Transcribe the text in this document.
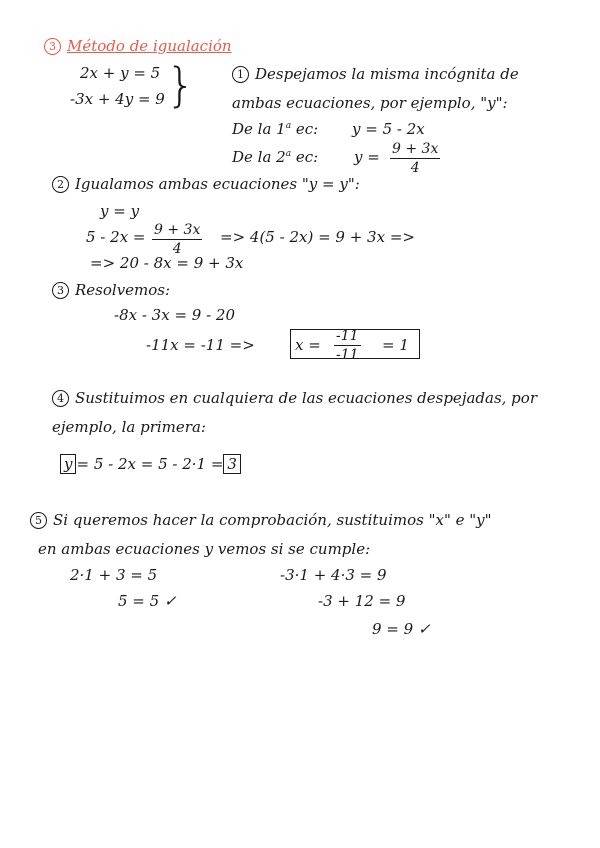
3 Método de igualación
2x + y = 5
-3x + 4y = 9 }	1 Despejamos la misma incógnita de
ambas ecuaciones, por ejemplo, "y":
De la 1$^a$ ec: y = 5 - 2x
De la 2$^a$ ec: $y = \frac{9 + 3x}{4}$
2 Igualamos ambas ecuaciones "y = y":
y = y
$5 - 2x = \frac{9 + 3x}{4} => 4(5 - 2x) = 9 + 3x$ =>
=> 20 - 8x = 9 + 3x
3 Resolvemos:
-8x - 3x = 9 - 20
-11x = -11 =>	$x = \frac{-11}{-11} = 1$
4 Sustituimos en cualquiera de las ecuaciones despejadas, por
ejemplo, la primera:
y = 5 - 2x = 5 - 2·1 = 3
5 Si queremos hacer la comprobación, sustituimos "x" e "y"
en ambas ecuaciones y vemos si se cumple:
2·1 + 3 = 5
5 = 5 ✓
-3·1 + 4·3 = 9
-3 + 12 = 9
9 = 9 ✓
